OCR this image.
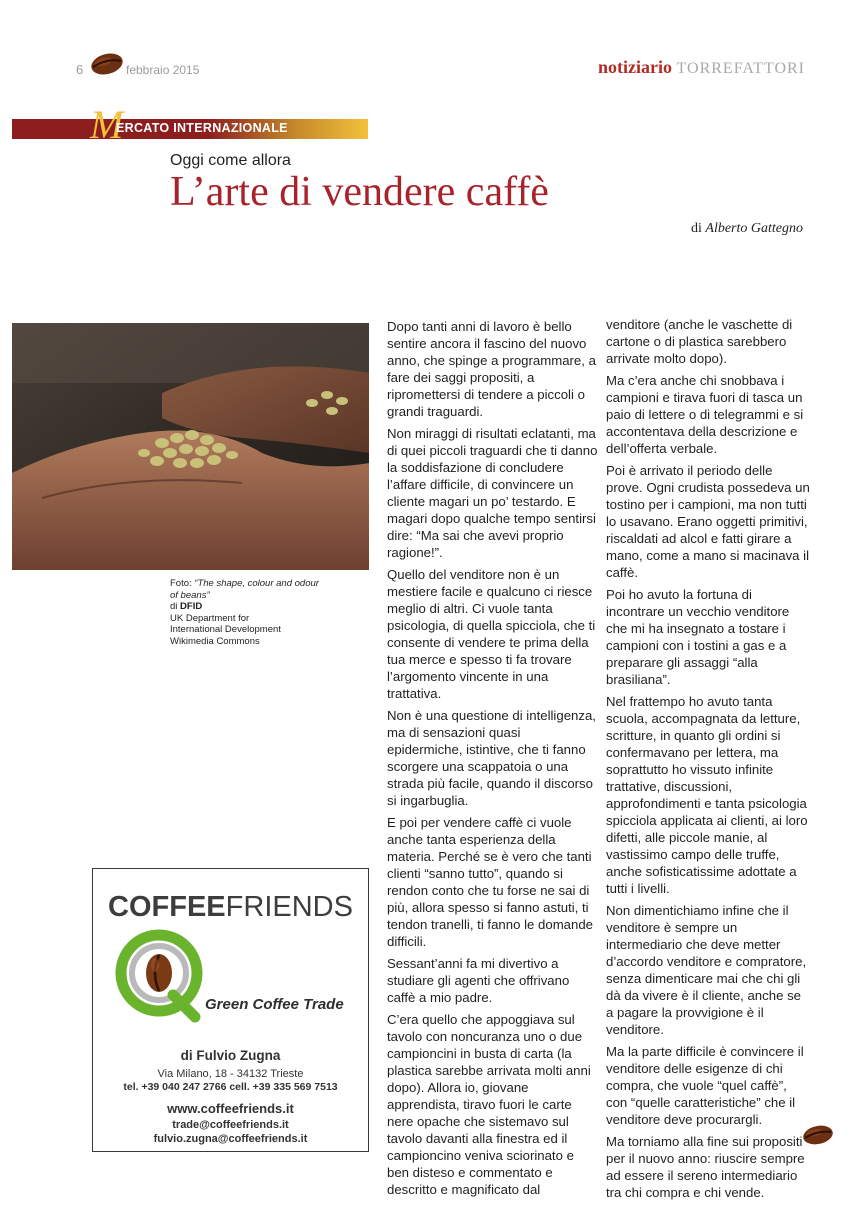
6	febbraio 2015	notiziario TORREFATTORI
M
ERCATO INTERNAZIONALE
Oggi come allora
L’arte di vendere caffè
di Alberto Gattegno
Foto: “The shape, colour and odour of beans”
di DFID
UK Department for
International Development
Wikimedia Commons

Dopo tanti anni di lavoro è bello sentire ancora il fascino del nuovo anno, che spinge a programmare, a fare dei saggi propositi, a ripromettersi di tendere a piccoli o grandi traguardi.

Non miraggi di risultati eclatanti, ma di quei piccoli traguardi che ti danno la soddisfazione di concludere l’affare difficile, di convincere un cliente magari un po’ testardo. E magari dopo qualche tempo sentirsi dire: “Ma sai che avevi proprio ragione!”.

Quello del venditore non è un mestiere facile e qualcuno ci riesce meglio di altri. Ci vuole tanta psicologia, di quella spicciola, che ti consente di vendere te prima della tua merce e spesso ti fa trovare l’argomento vincente in una trattativa.

Non è una questione di intelligenza, ma di sensazioni quasi epidermiche, istintive, che ti fanno scorgere una scappatoia o una strada più facile, quando il discorso si ingarbuglia.

E poi per vendere caffè ci vuole anche tanta esperienza della materia. Perché se è vero che tanti clienti “sanno tutto”, quando si rendon conto che tu forse ne sai di più, allora spesso si fanno astuti, ti tendon tranelli, ti fanno le domande difficili.

Sessant’anni fa mi divertivo a studiare gli agenti che offrivano caffè a mio padre.

C’era quello che appoggiava sul tavolo con noncuranza uno o due campioncini in busta di carta (la plastica sarebbe arrivata molti anni dopo). Allora io, giovane apprendista, tiravo fuori le carte nere opache che sistemavo sul tavolo davanti alla finestra ed il campioncino veniva sciorinato e ben disteso e commentato e descritto e magnificato dal

venditore (anche le vaschette di cartone o di plastica sarebbero arrivate molto dopo).

Ma c’era anche chi snobbava i campioni e tirava fuori di tasca un paio di lettere o di telegrammi e si accontentava della descrizione e dell’offerta verbale.

Poi è arrivato il periodo delle prove. Ogni crudista possedeva un tostino per i campioni, ma non tutti lo usavano. Erano oggetti primitivi, riscaldati ad alcol e fatti girare a mano, come a mano si macinava il caffè.

Poi ho avuto la fortuna di incontrare un vecchio venditore che mi ha insegnato a tostare i campioni con i tostini a gas e a preparare gli assaggi “alla brasiliana”.

Nel frattempo ho avuto tanta scuola, accompagnata da letture, scritture, in quanto gli ordini si confermavano per lettera, ma soprattutto ho vissuto infinite trattative, discussioni, approfondimenti e tanta psicologia spicciola applicata ai clienti, ai loro difetti, alle piccole manie, al vastissimo campo delle truffe, anche sofisticatissime adottate a tutti i livelli.

Non dimentichiamo infine che il venditore è sempre un intermediario che deve metter d’accordo venditore e compratore, senza dimenticare mai che chi gli dà da vivere è il cliente, anche se a pagare la provvigione è il venditore.

Ma la parte difficile è convincere il venditore delle esigenze di chi compra, che vuole “quel caffè”, con “quelle caratteristiche” che il venditore deve procurargli.

Ma torniamo alla fine sui propositi per il nuovo anno: riuscire sempre ad essere il sereno intermediario tra chi compra e chi vende.

COFFEEFRIENDS
Green Coffee Trade
di Fulvio Zugna
Via Milano, 18 - 34132 Trieste
tel. +39 040 247 2766 cell. +39 335 569 7513
www.coffeefriends.it
trade@coffeefriends.it
fulvio.zugna@coffeefriends.it
